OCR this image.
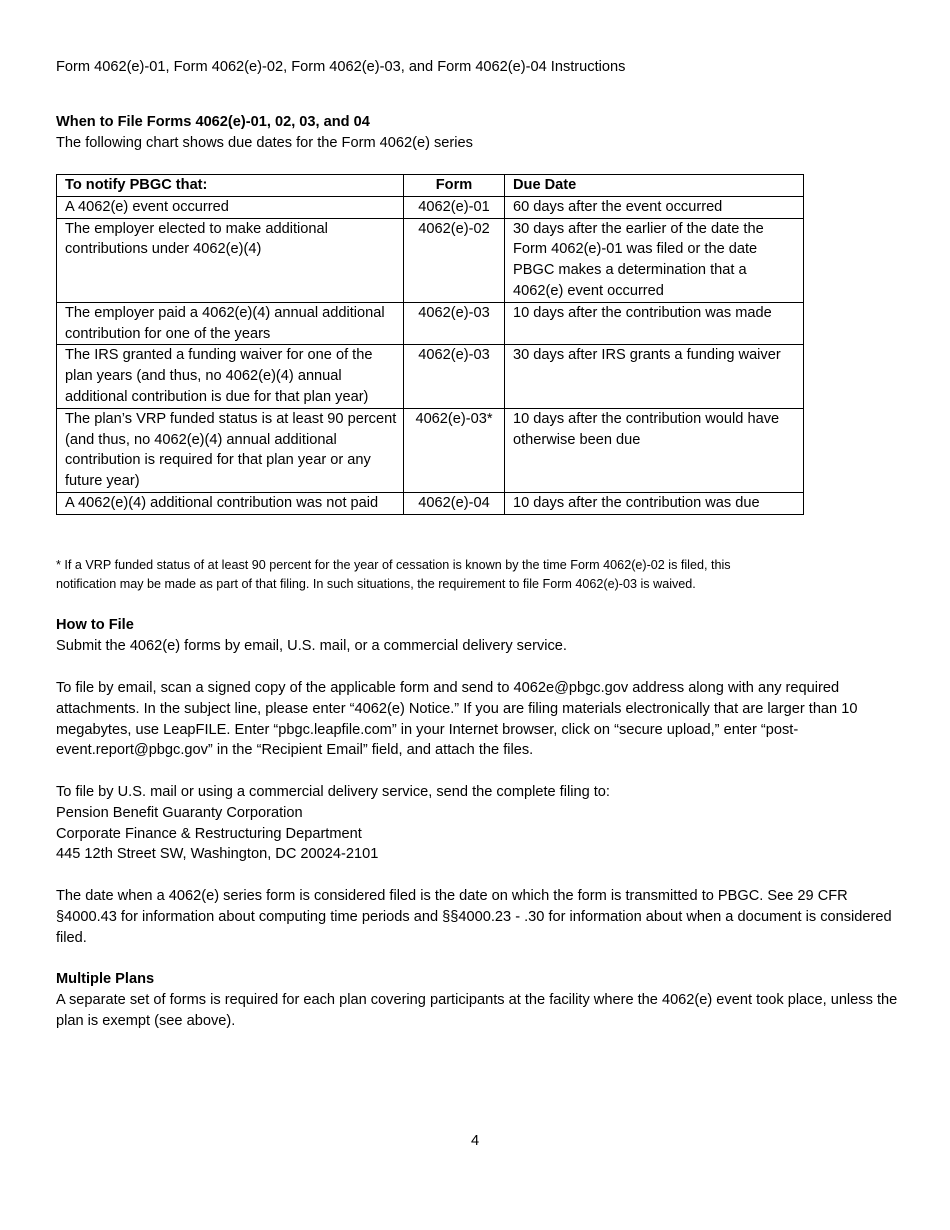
Form 4062(e)-01, Form 4062(e)-02, Form 4062(e)-03, and Form 4062(e)-04 Instructions
When to File Forms 4062(e)-01, 02, 03, and 04
The following chart shows due dates for the Form 4062(e) series
To notify PBGC that:	Form	Due Date
A 4062(e) event occurred	4062(e)-01	60 days after the event occurred
The employer elected to make additional contributions under 4062(e)(4)	4062(e)-02	30 days after the earlier of the date the Form 4062(e)-01 was filed or the date PBGC makes a determination that a 4062(e) event occurred
The employer paid a 4062(e)(4) annual additional contribution for one of the years	4062(e)-03	10 days after the contribution was made
The IRS granted a funding waiver for one of the plan years (and thus, no 4062(e)(4) annual additional contribution is due for that plan year)	4062(e)-03	30 days after IRS grants a funding waiver
The plan’s VRP funded status is at least 90 percent (and thus, no 4062(e)(4) annual additional contribution is required for that plan year or any future year)	4062(e)-03*	10 days after the contribution would have otherwise been due
A 4062(e)(4) additional contribution was not paid	4062(e)-04	10 days after the contribution was due
* If a VRP funded status of at least 90 percent for the year of cessation is known by the time Form 4062(e)-02 is filed, this
notification may be made as part of that filing. In such situations, the requirement to file Form 4062(e)-03 is waived.
How to File
Submit the 4062(e) forms by email, U.S. mail, or a commercial delivery service.
To file by email, scan a signed copy of the applicable form and send to 4062e@pbgc.gov address along with any required attachments. In the subject line, please enter “4062(e) Notice.” If you are filing materials electronically that are larger than 10 megabytes, use LeapFILE. Enter “pbgc.leapfile.com” in your Internet browser, click on “secure upload,” enter “post-event.report@pbgc.gov” in the “Recipient Email” field, and attach the files.
To file by U.S. mail or using a commercial delivery service, send the complete filing to:
Pension Benefit Guaranty Corporation
Corporate Finance & Restructuring Department
445 12th Street SW, Washington, DC 20024-2101
The date when a 4062(e) series form is considered filed is the date on which the form is transmitted to PBGC. See 29 CFR §4000.43 for information about computing time periods and §§4000.23 - .30 for information about when a document is considered filed.
Multiple Plans
A separate set of forms is required for each plan covering participants at the facility where the 4062(e) event took place, unless the plan is exempt (see above).
4
